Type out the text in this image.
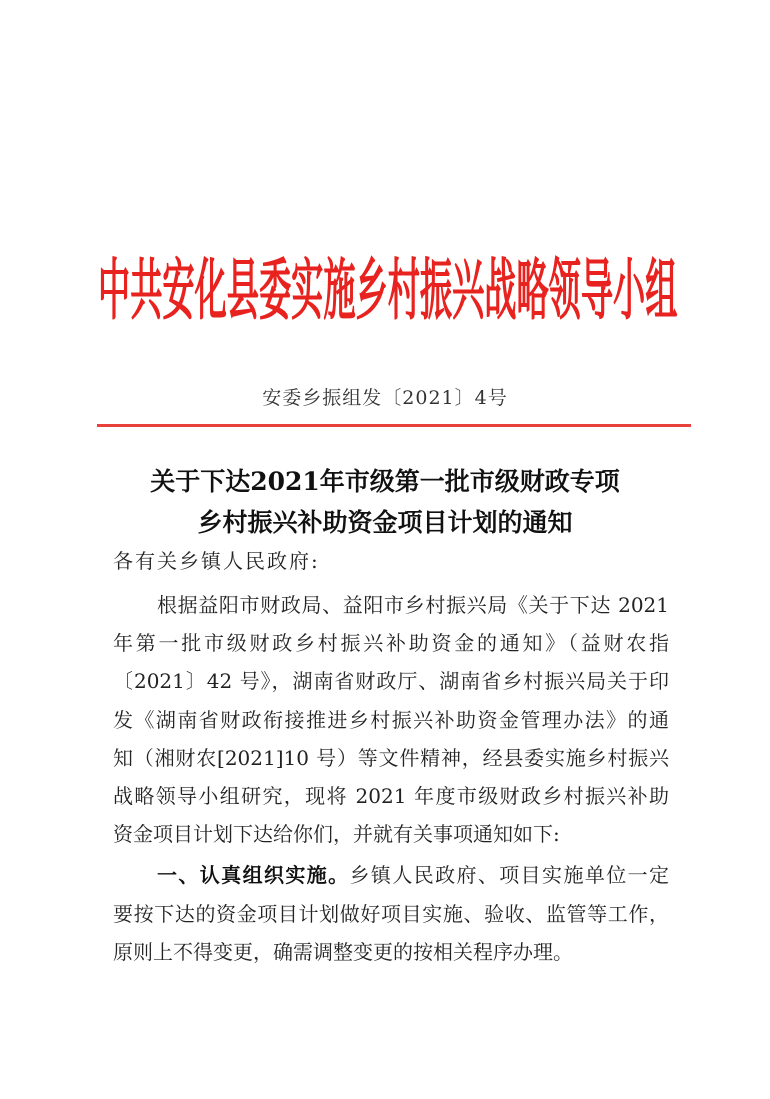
中共安化县委实施乡村振兴战略领导小组
安委乡振组发〔2021〕4号
关于下达2021年市级第一批市级财政专项
乡村振兴补助资金项目计划的通知
各有关乡镇人民政府:
根据益阳市财政局、益阳市乡村振兴局《关于下达 2021
年第一批市级财政乡村振兴补助资金的通知》（益财农指
〔2021〕42 号》，湖南省财政厅、湖南省乡村振兴局关于印
发《湖南省财政衔接推进乡村振兴补助资金管理办法》的通
知（湘财农[2021]10 号）等文件精神，经县委实施乡村振兴
战略领导小组研究，现将 2021 年度市级财政乡村振兴补助
资金项目计划下达给你们，并就有关事项通知如下:
一、认真组织实施。乡镇人民政府、项目实施单位一定
要按下达的资金项目计划做好项目实施、验收、监管等工作，
原则上不得变更，确需调整变更的按相关程序办理。
